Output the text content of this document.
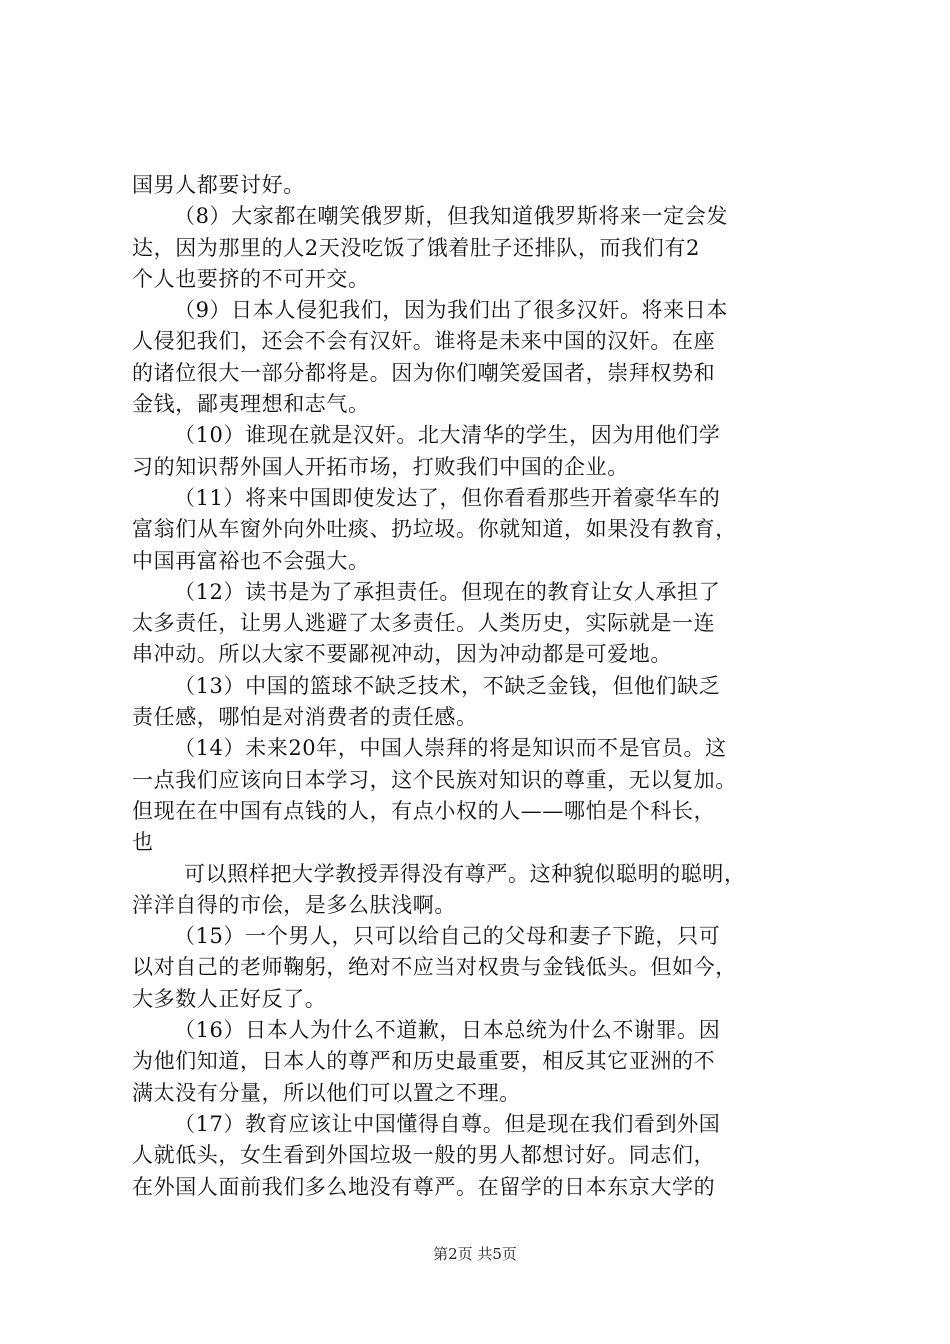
国男人都要讨好。
（8）大家都在嘲笑俄罗斯，但我知道俄罗斯将来一定会发
达，因为那里的人2天没吃饭了饿着肚子还排队，而我们有2
个人也要挤的不可开交。
（9）日本人侵犯我们，因为我们出了很多汉奸。将来日本
人侵犯我们，还会不会有汉奸。谁将是未来中国的汉奸。在座
的诸位很大一部分都将是。因为你们嘲笑爱国者，崇拜权势和
金钱，鄙夷理想和志气。
（10）谁现在就是汉奸。北大清华的学生，因为用他们学
习的知识帮外国人开拓市场，打败我们中国的企业。
（11）将来中国即使发达了，但你看看那些开着豪华车的
富翁们从车窗外向外吐痰、扔垃圾。你就知道，如果没有教育，
中国再富裕也不会强大。
（12）读书是为了承担责任。但现在的教育让女人承担了
太多责任，让男人逃避了太多责任。人类历史，实际就是一连
串冲动。所以大家不要鄙视冲动，因为冲动都是可爱地。
（13）中国的篮球不缺乏技术，不缺乏金钱，但他们缺乏
责任感，哪怕是对消费者的责任感。
（14）未来20年，中国人崇拜的将是知识而不是官员。这
一点我们应该向日本学习，这个民族对知识的尊重，无以复加。
但现在在中国有点钱的人，有点小权的人——哪怕是个科长，
也
可以照样把大学教授弄得没有尊严。这种貌似聪明的聪明，
洋洋自得的市侩，是多么肤浅啊。
（15）一个男人，只可以给自己的父母和妻子下跪，只可
以对自己的老师鞠躬，绝对不应当对权贵与金钱低头。但如今，
大多数人正好反了。
（16）日本人为什么不道歉，日本总统为什么不谢罪。因
为他们知道，日本人的尊严和历史最重要，相反其它亚洲的不
满太没有分量，所以他们可以置之不理。
（17）教育应该让中国懂得自尊。但是现在我们看到外国
人就低头，女生看到外国垃圾一般的男人都想讨好。同志们，
在外国人面前我们多么地没有尊严。在留学的日本东京大学的
第2页 共5页
